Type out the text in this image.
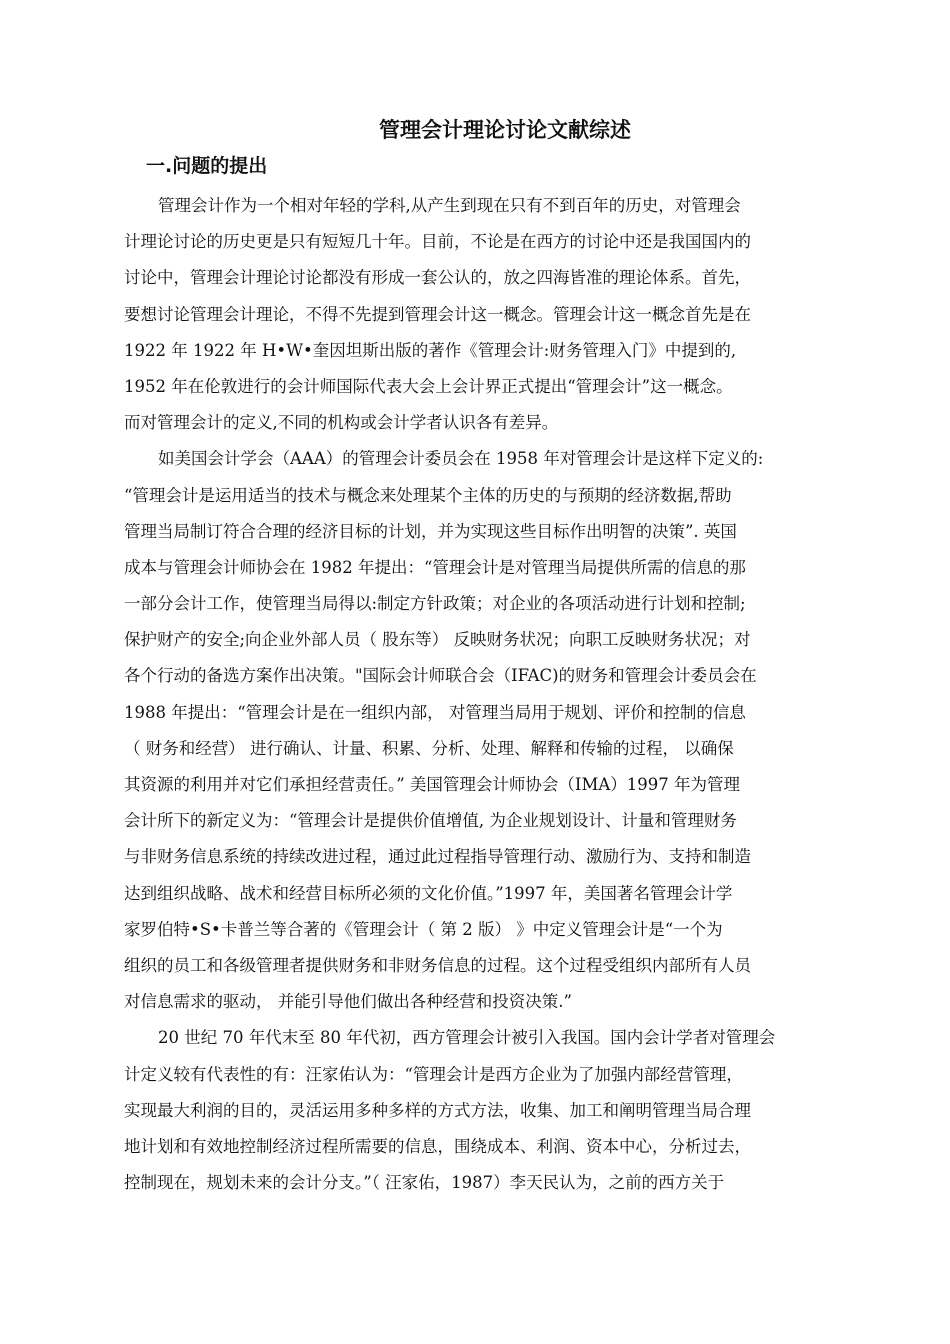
管理会计理论讨论文献综述
一.问题的提出
管理会计作为一个相对年轻的学科,从产生到现在只有不到百年的历史，对管理会
计理论讨论的历史更是只有短短几十年。目前，不论是在西方的讨论中还是我国国内的
讨论中，管理会计理论讨论都没有形成一套公认的，放之四海皆准的理论体系。首先，
要想讨论管理会计理论，不得不先提到管理会计这一概念。管理会计这一概念首先是在
1922 年 1922 年 H•W•奎因坦斯出版的著作《管理会计:财务管理入门》中提到的,
1952 年在伦敦进行的会计师国际代表大会上会计界正式提出“管理会计”这一概念。
而对管理会计的定义,不同的机构或会计学者认识各有差异。
如美国会计学会（AAA）的管理会计委员会在 1958 年对管理会计是这样下定义的:
“管理会计是运用适当的技术与概念来处理某个主体的历史的与预期的经济数据,帮助
管理当局制订符合合理的经济目标的计划，并为实现这些目标作出明智的决策”. 英国
成本与管理会计师协会在 1982 年提出：“管理会计是对管理当局提供所需的信息的那
一部分会计工作，使管理当局得以:制定方针政策；对企业的各项活动进行计划和控制;
保护财产的安全;向企业外部人员（ 股东等） 反映财务状况；向职工反映财务状况；对
各个行动的备选方案作出决策。"国际会计师联合会（IFAC)的财务和管理会计委员会在
1988 年提出：“管理会计是在一组织内部， 对管理当局用于规划、评价和控制的信息
（ 财务和经营） 进行确认、计量、积累、分析、处理、解释和传输的过程， 以确保
其资源的利用并对它们承担经营责任。” 美国管理会计师协会（IMA）1997 年为管理
会计所下的新定义为：“管理会计是提供价值增值, 为企业规划设计、计量和管理财务
与非财务信息系统的持续改进过程，通过此过程指导管理行动、激励行为、支持和制造
达到组织战略、战术和经营目标所必须的文化价值。”1997 年，美国著名管理会计学
家罗伯特•S•卡普兰等合著的《管理会计（ 第 2 版） 》中定义管理会计是“一个为
组织的员工和各级管理者提供财务和非财务信息的过程。这个过程受组织内部所有人员
对信息需求的驱动， 并能引导他们做出各种经营和投资决策.”
20 世纪 70 年代末至 80 年代初，西方管理会计被引入我国。国内会计学者对管理会
计定义较有代表性的有：汪家佑认为：“管理会计是西方企业为了加强内部经营管理，
实现最大利润的目的，灵活运用多种多样的方式方法，收集、加工和阐明管理当局合理
地计划和有效地控制经济过程所需要的信息，围绕成本、利润、资本中心，分析过去，
控制现在，规划未来的会计分支。”（ 汪家佑，1987）李天民认为，之前的西方关于
